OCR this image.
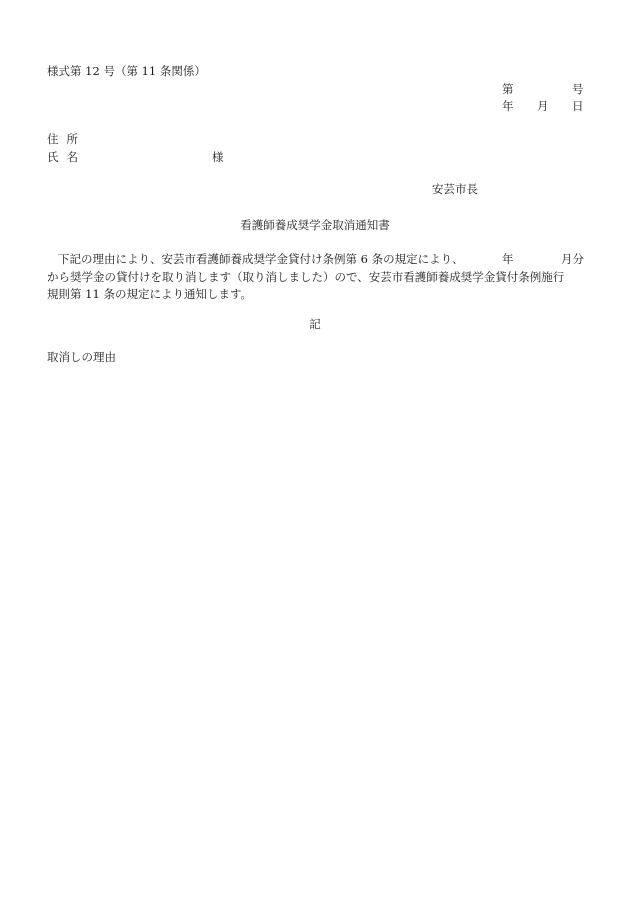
様式第 12 号（第 11 条関係）
第	号
年 月 日
住所
氏名	様
安芸市長
看護師養成奨学金取消通知書
下記の理由により、安芸市看護師養成奨学金貸付け条例第 6 条の規定により、	年	月分
から奨学金の貸付けを取り消します（取り消しました）ので、安芸市看護師養成奨学金貸付条例施行
規則第 11 条の規定により通知します。
記
取消しの理由
